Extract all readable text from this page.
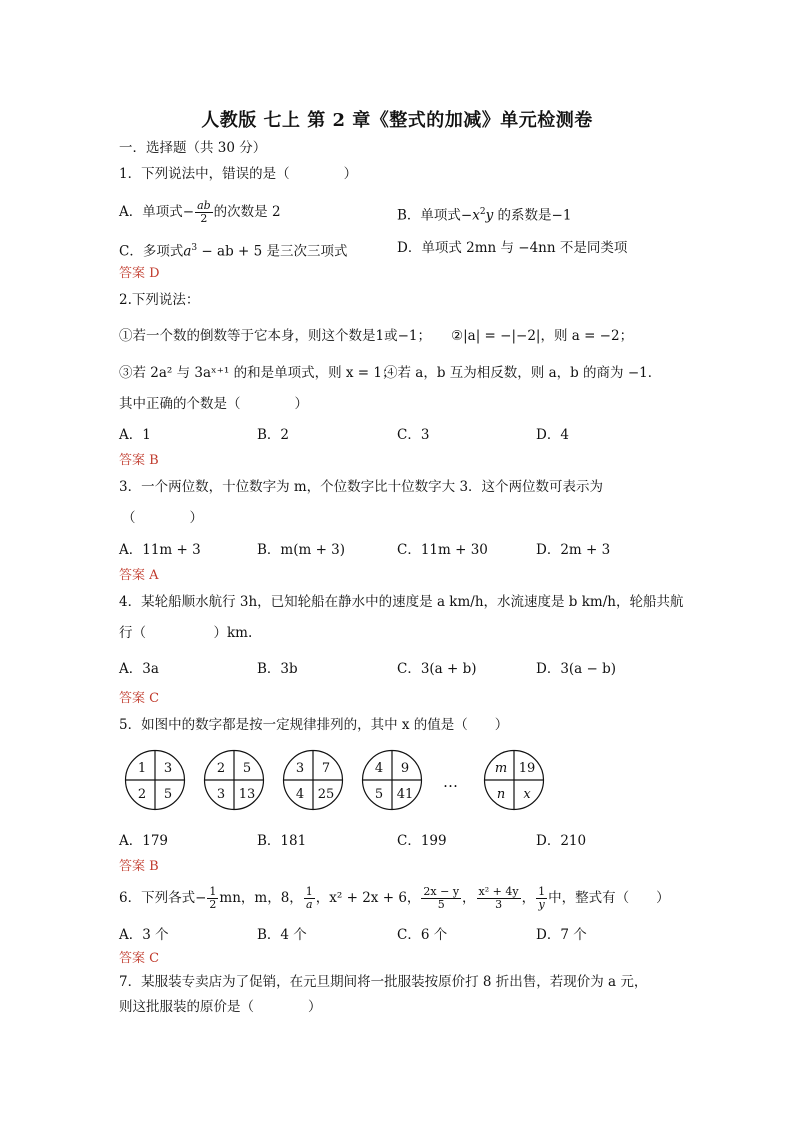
人教版 七上 第 2 章《整式的加减》单元检测卷
一．选择题（共 30 分）
1．下列说法中，错误的是（　　　　）
A．单项式− $\frac{ab}{2}$ 的次数是 2	B．单项式$-x^2y$ 的系数是−1
C．多项式$a^3$ − ab + 5 是三次三项式	D．单项式 2mn 与 −4nn 不是同类项
答案 D
2.下列说法：
①若一个数的倒数等于它本身，则这个数是1或−1； ②|a| = −|−2|，则 a = −2；
③若 2a² 与 3aˣ⁺¹ 的和是单项式，则 x = 1；
④若 a，b 互为相反数，则 a，b 的商为 −1．
其中正确的个数是（　　　　）
A．1	B．2	C．3	D．4
答案 B
3．一个两位数，十位数字为 m，个位数字比十位数字大 3．这个两位数可表示为
（　　　　）
A．11m + 3	B．m(m + 3)	C．11m + 30	D．2m + 3
答案 A
4．某轮船顺水航行 3h，已知轮船在静水中的速度是 a km/h，水流速度是 b km/h，轮船共航
行（　　　　　）km.
A．3a	B．3b	C．3(a + b)	D．3(a − b)
答案 C
5．如图中的数字都是按一定规律排列的，其中 x 的值是（　　）
1	3
2	5
2	5
3	13
3	7
4	25
4	9
5	41
m 19
n	x
…
A．179	B．181	C．199	D．210
答案 B
6．下列各式− $\frac{1}{2}$ mn，m，8， $\frac{1}{a}$ ，x² + 2x + 6， $\frac{2x - y}{5}$ ， $\frac{\text{x² + 4y}}{3}$ ， $\frac{1}{y}$ 中，整式有（　　）
A．3 个	B．4 个	C．6 个	D．7 个
答案 C
7．某服装专卖店为了促销，在元旦期间将一批服装按原价打 8 折出售，若现价为 a 元，
则这批服装的原价是（　　　　）
